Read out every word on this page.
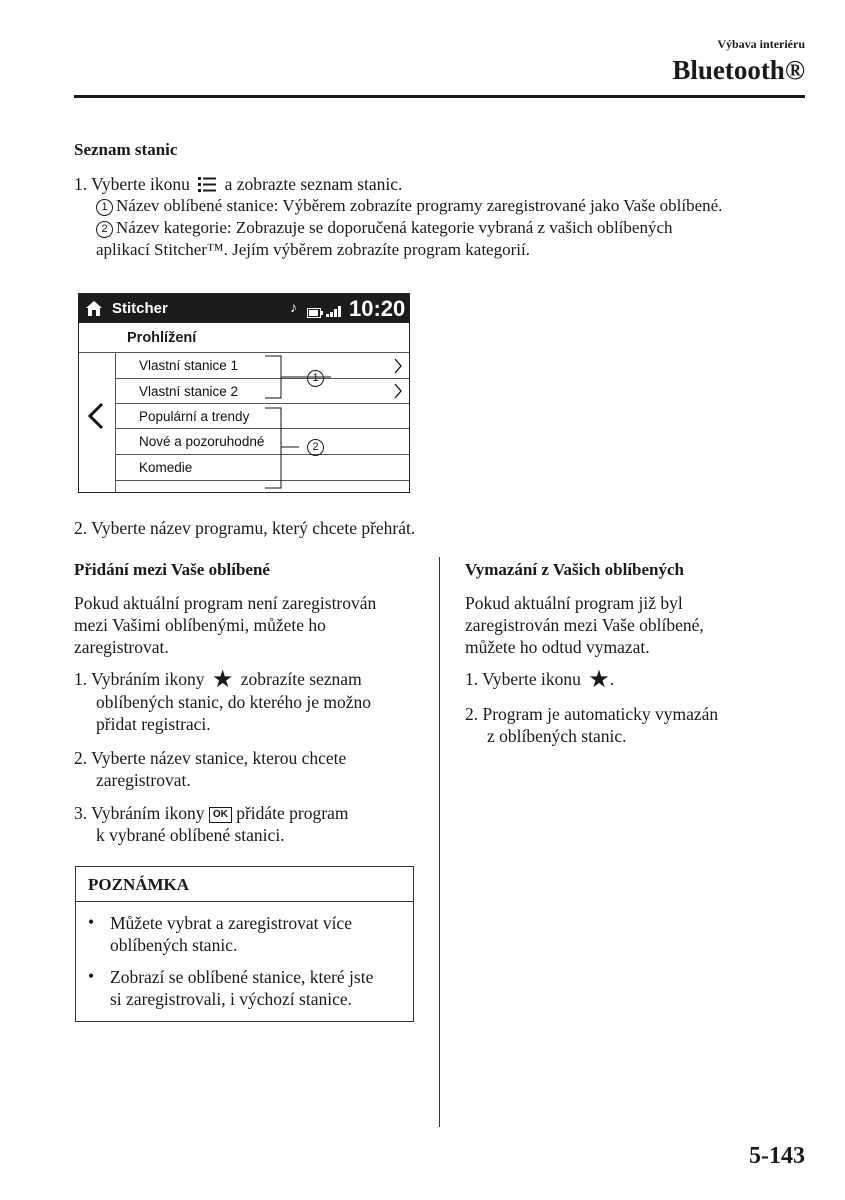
Výbava interiéru
Bluetooth®
Seznam stanic
1. Vyberte ikonu a zobrazte seznam stanic.
1 Název oblíbené stanice: Výběrem zobrazíte programy zaregistrované jako Vaše oblíbené.
2 Název kategorie: Zobrazuje se doporučená kategorie vybraná z vašich oblíbených
aplikací Stitcher™. Jejím výběrem zobrazíte program kategorií.
Stitcher	♪ 10:20
Prohlížení
Vlastní stanice 1
Vlastní stanice 2
Populární a trendy
Nové a pozoruhodné
Komedie
1
2
2. Vyberte název programu, který chcete přehrát.
Přidání mezi Vaše oblíbené
Pokud aktuální program není zaregistrován
mezi Vašimi oblíbenými, můžete ho
zaregistrovat.
1. Vybráním ikony ★ zobrazíte seznam
oblíbených stanic, do kterého je možno
přidat registraci.
2. Vyberte název stanice, kterou chcete
zaregistrovat.
3. Vybráním ikony OK přidáte program
k vybrané oblíbené stanici.
POZNÁMKA
• Můžete vybrat a zaregistrovat více
oblíbených stanic.
• Zobrazí se oblíbené stanice, které jste
si zaregistrovali, i výchozí stanice.
Vymazání z Vašich oblíbených
Pokud aktuální program již byl
zaregistrován mezi Vaše oblíbené,
můžete ho odtud vymazat.
1. Vyberte ikonu ★.
2. Program je automaticky vymazán
z oblíbených stanic.
5-143
